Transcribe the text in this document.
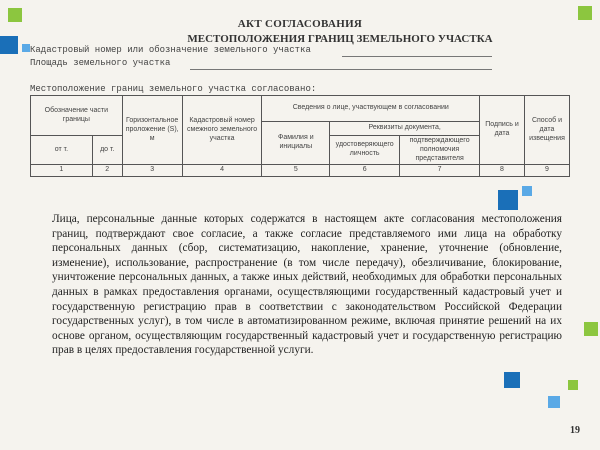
АКТ СОГЛАСОВАНИЯ
МЕСТОПОЛОЖЕНИЯ ГРАНИЦ ЗЕМЕЛЬНОГО УЧАСТКА
Кадастровый номер или обозначение земельного участка
Площадь земельного участка
Местоположение границ земельного участка согласовано:
Обозначение части границы		Горизонтальное проложение (S), м	Кадастровый номер смежного земельного участка	Сведения о лице, участвующем в согласовании			Подпись и дата	Способ и дата извещения
				Фамилия и инициалы	Реквизиты документа,			
от т.	до т.				удостоверяющего личность	подтверждающего полномочия представителя		
1	2	3	4	5	6	7	8	9
Лица, персональные данные которых содержатся в настоящем акте согласования местоположения границ, подтверждают свое согласие, а также согласие представляемого ими лица на обработку персональных данных (сбор, систематизацию, накопление, хранение, уточнение (обновление, изменение), использование, распространение (в том числе передачу), обезличивание, блокирование, уничтожение персональных данных, а также иных действий, необходимых для обработки персональных данных в рамках предоставления органами, осуществляющими государственный кадастровый учет и государственную регистрацию прав в соответствии с законодательством Российской Федерации государственных услуг), в том числе в автоматизированном режиме, включая принятие решений на их основе органом, осуществляющим государственный кадастровый учет и государственную регистрацию прав в целях предоставления государственной услуги.
19
